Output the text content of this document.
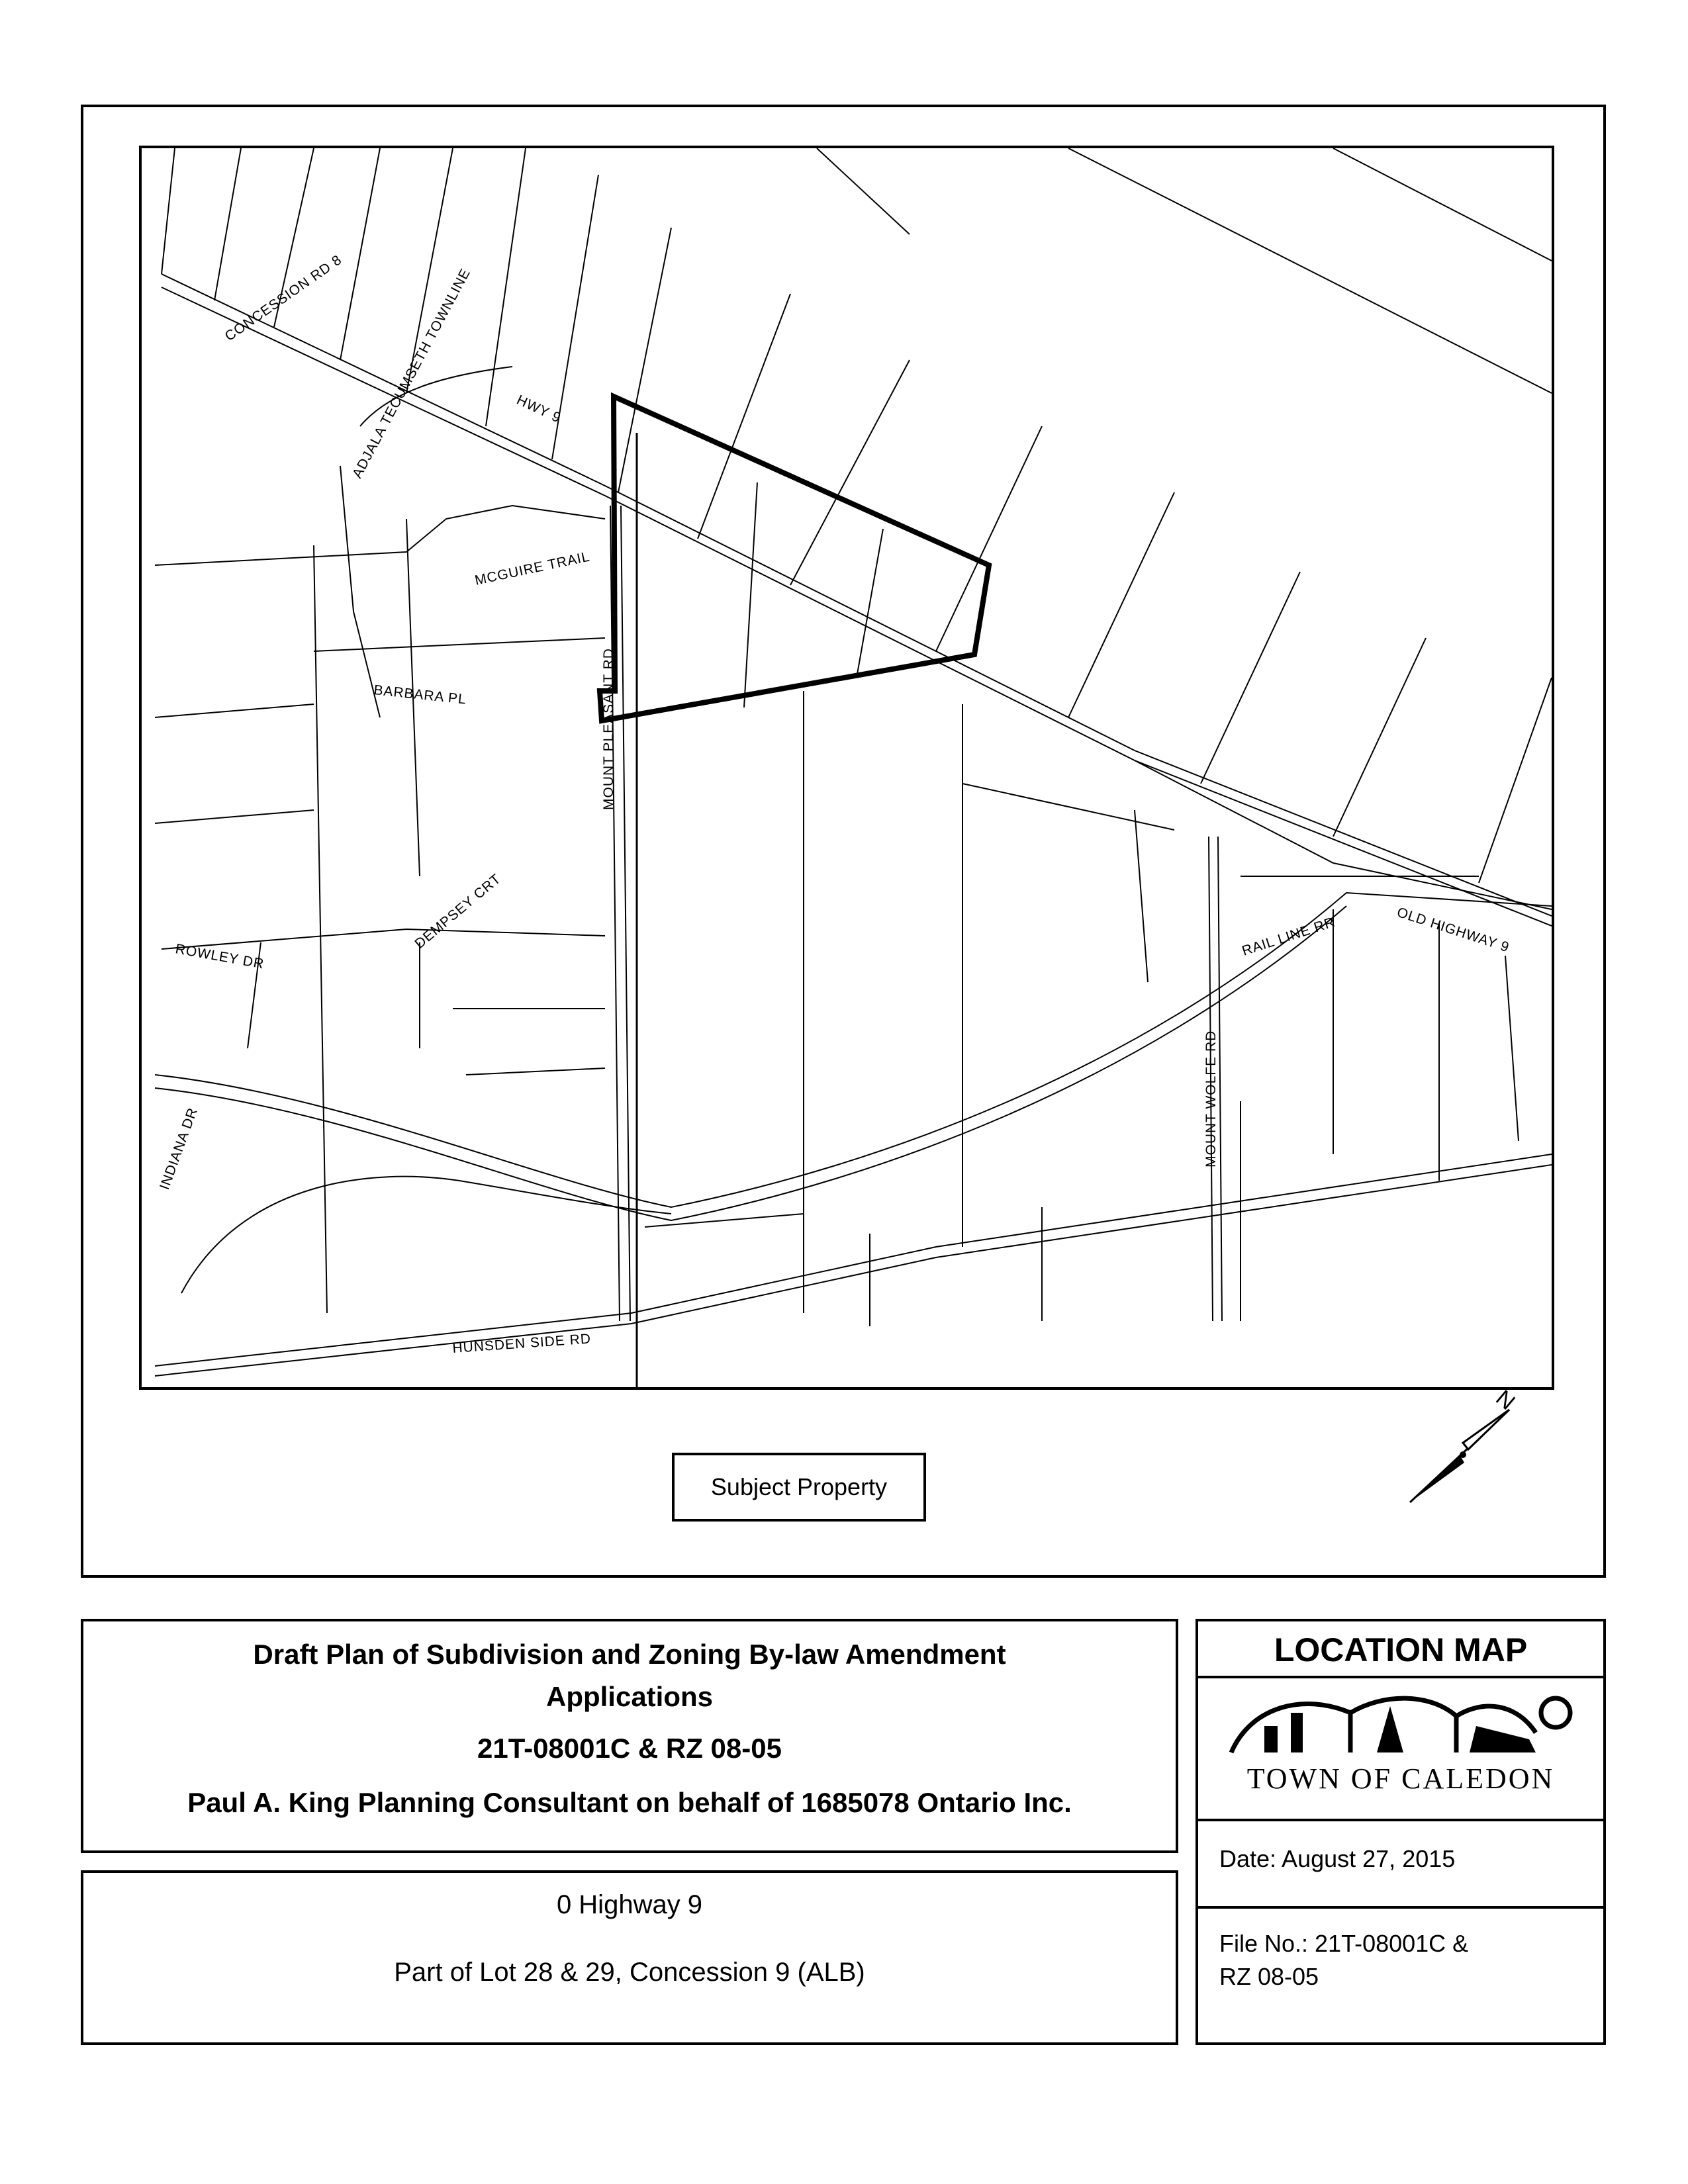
CONCESSION RD 8 ADJALA TECUMSETH TOWNLINE	HWY 9
MCGUIRE TRAIL
BARBARA PL	MOUNT PLEASANT RD
DEMPSEY CRT
ROWLEY DR
INDIANA DR
HUNSDEN SIDE RD
RAIL LINE RR	OLD HIGHWAY 9
MOUNT WOLFE RD
Subject Property
N
Draft Plan of Subdivision and Zoning By-law Amendment
Applications
21T-08001C & RZ 08-05
Paul A. King Planning Consultant on behalf of 1685078 Ontario Inc.
0 Highway 9
Part of Lot 28 & 29, Concession 9 (ALB)
LOCATION MAP
TOWN OF CALEDON
Date: August 27, 2015
File No.: 21T-08001C &
RZ 08-05
